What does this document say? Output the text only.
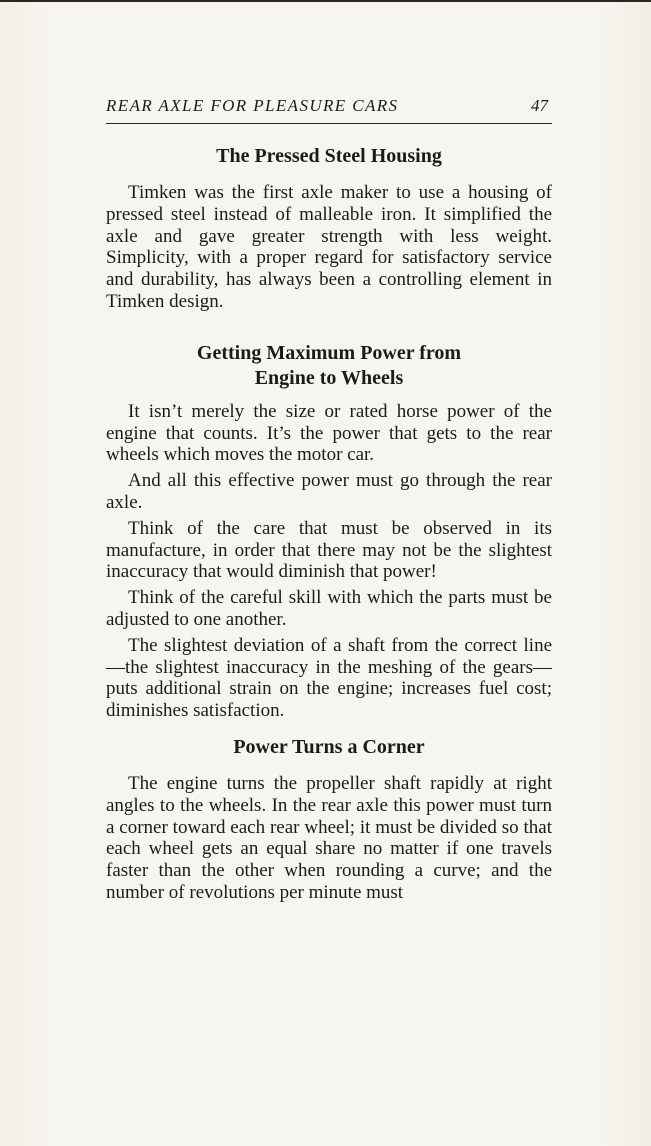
REAR AXLE FOR PLEASURE CARS	47
The Pressed Steel Housing

Timken was the first axle maker to use a housing of pressed steel instead of malleable iron. It simplified the axle and gave greater strength with less weight. Simplicity, with a proper regard for satisfactory service and durability, has always been a controlling element in Timken design.

Getting Maximum Power from
Engine to Wheels

It isn’t merely the size or rated horse power of the engine that counts. It’s the power that gets to the rear wheels which moves the motor car.

And all this effective power must go through the rear axle.

Think of the care that must be observed in its manufacture, in order that there may not be the slightest inaccuracy that would diminish that power!

Think of the careful skill with which the parts must be adjusted to one another.

The slightest deviation of a shaft from the correct line—the slightest inaccuracy in the meshing of the gears—puts additional strain on the engine; increases fuel cost; diminishes satisfaction.

Power Turns a Corner

The engine turns the propeller shaft rapidly at right angles to the wheels. In the rear axle this power must turn a corner toward each rear wheel; it must be divided so that each wheel gets an equal share no matter if one travels faster than the other when rounding a curve; and the number of revolutions per minute must
